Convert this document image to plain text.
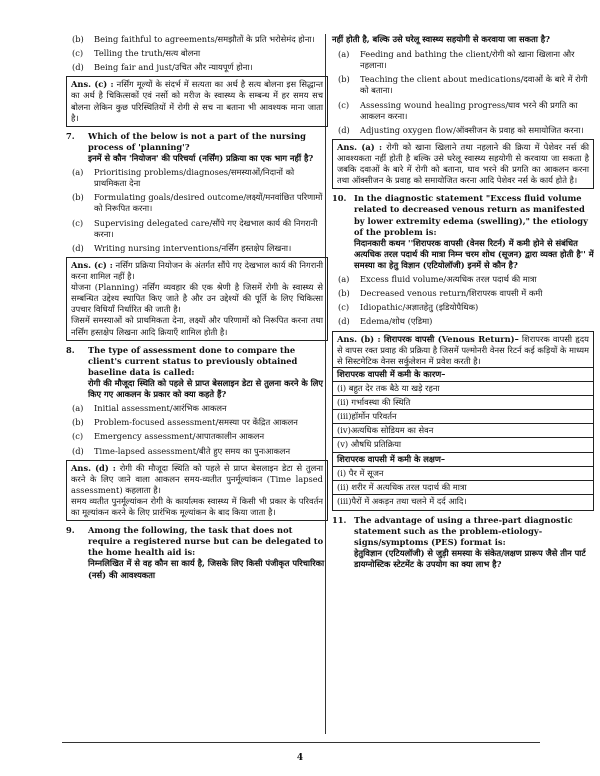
(b)	Being faithful to agreements/समझौतों के प्रति भरोसेमंद होना।
(c)	Telling the truth/सत्य बोलना
(d)	Being fair and just/उचित और न्यायपूर्ण होना।

Ans. (c) : नर्सिंग मूल्यों के संदर्भ में सत्यता का अर्थ है सत्य बोलना इस सिद्धान्त का अर्थ है चिकित्सकों एवं नर्सो को मरीज के स्वास्थ्य के सम्बन्ध में हर समय सच बोलना लेकिन कुछ परिस्थितियों में रोगी से सच ना बताना भी आवश्यक माना जाता है।

7.	Which of the below is not a part of the nursing process of 'planning'?
इनमें से कौन 'नियोजन' की परिचर्या (नर्सिंग) प्रक्रिया का एक भाग नहीं है?
(a)	Prioritising problems/diagnoses/समस्याओं/निदानों को प्राथमिकता देना
(b)	Formulating goals/desired outcome/लक्ष्यों/मनवांछित परिणामों को निरूपित करना।
(c)	Supervising delegated care/सौंपे गए देखभाल कार्य की निगरानी करना।
(d)	Writing nursing interventions/नर्सिंग हस्तक्षेप लिखना।

Ans. (c) : नर्सिंग प्रक्रिया नियोजन के अंतर्गत सौंपे गए देखभाल कार्य की निगरानी करना शामिल नहीं है।

योजना (Planning) नर्सिंग व्यवहार की एक श्रेणी है जिसमें रोगी के स्वास्थ्य से सम्बन्धित उद्देश्य स्थापित किए जाते है और उन उद्देश्यों की पूर्ति के लिए चिकित्सा उपचार विधियाँ निर्धारित की जाती है।

जिसमें समस्याओं को प्राथमिकता देना, लक्ष्यों और परिणामों को निरूपित करना तथा नर्सिंग हस्तक्षेप लिखना आदि क्रियाएँ शामिल होती है।

8.	The type of assessment done to compare the client's current status to previously obtained baseline data is called:
रोगी की मौजूदा स्थिति को पहले से प्राप्त बेसलाइन डेटा से तुलना करने के लिए किए गए आकलन के प्रकार को क्या कहते हैं?
(a)	Initial assessment/आरंभिक आकलन
(b)	Problem-focused assessment/समस्या पर केंद्रित आकलन
(c)	Emergency assessment/आपातकालीन आकलन
(d)	Time-lapsed assessment/बीते हुए समय का पुनःआकलन

Ans. (d) : रोगी की मौजूदा स्थिति को पहले से प्राप्त बेसलाइन डेटा से तुलना करने के लिए जाने वाला आकलन समय-व्यतीत पुनर्मूल्यांकन (Time lapsed assessment) कहलाता है।

समय व्यतीत पुनर्मूल्यांकन रोगी के कार्यात्मक स्वास्थ्य में किसी भी प्रकार के परिवर्तन का मूल्यांकन करने के लिए प्रारंभिक मूल्यांकन के बाद किया जाता है।

9.	Among the following, the task that does not require a registered nurse but can be delegated to the home health aid is:
निम्नलिखित में से वह कौन सा कार्य है, जिसके लिए किसी पंजीकृत परिचारिका (नर्स) की आवश्यकता
नहीं होती है, बल्कि उसे घरेलू स्वास्थ्य सहयोगी से करवाया जा सकता है?
(a)	Feeding and bathing the client/रोगी को खाना खिलाना और नहलाना।
(b)	Teaching the client about medications/दवाओं के बारे में रोगी को बताना।
(c)	Assessing wound healing progress/घाव भरने की प्रगति का आकलन करना।
(d)	Adjusting oxygen flow/ऑक्सीजन के प्रवाह को समायोजित करना।

Ans. (a) : रोगी को खाना खिलाने तथा नहलाने की क्रिया में पेशेवर नर्स की आवश्यकता नहीं होती है बल्कि उसे घरेलू स्वास्थ्य सहयोगी से करवाया जा सकता है जबकि दवाओं के बारे में रोगी को बताना, घाव भरने की प्रगति का आकलन करना तथा ऑक्सीजन के प्रवाह को समायोजित करना आदि पेशेवर नर्स के कार्य होते है।

10. In the diagnostic statement "Excess fluid volume related to decreased venous return as manifested by lower extremity edema (swelling)," the etiology of the problem is:
निदानकारी कथन ''शिरापरक वापसी (वेनस रिटर्न) में कमी होने से संबंधित अत्यधिक तरल पदार्थ की मात्रा निम्न चरम शोथ (सूजन) द्वारा व्यक्त होती है'' में समस्या का हेतु विज्ञान (एटियोलॉजी) इनमें से कौन है?
(a)	Excess fluid volume/अत्यधिक तरल पदार्थ की मात्रा
(b)	Decreased venous return/शिरापरक वापसी में कमी
(c)	Idiopathic/अज्ञातहेतु (इडियोपैथिक)
(d)	Edema/शोथ (एडिमा)

Ans. (b) : शिरापरक वापसी (Venous Return)– शिरापरक वापसी हृदय से वापस रक्त प्रवाह की प्रक्रिया है जिसमें पल्मोनरी वेनस रिटर्न कई कड़ियों के माध्यम से सिस्टमेटिक वेनस सर्कुलेशन में प्रवेश करती है।

शिरापरक वापसी में कमी के कारण–
(i) बहुत देर तक बैठे या खड़े रहना
(ii) गर्भावस्था की स्थिति
(iii)हॉर्मोन परिवर्तन
(iv)अत्यधिक सोडियम का सेवन
(v) औषधि प्रतिक्रिया
शिरापरक वापसी में कमी के लक्षण–
(i) पैर में सूजन
(ii) शरीर में अत्यधिक तरल पदार्थ की मात्रा
(iii)पैरों में अकड़न तथा चलने में दर्द आदि।
11. The advantage of using a three-part diagnostic statement such as the problem-etiology-signs/symptoms (PES) format is:
हेतुविज्ञान (एटियलॉजी) से जुड़ी समस्या के संकेत/लक्षण प्रारूप जैसे तीन पार्ट डायग्नोस्टिक स्टेटमेंट के उपयोग का क्या लाभ है?
4
